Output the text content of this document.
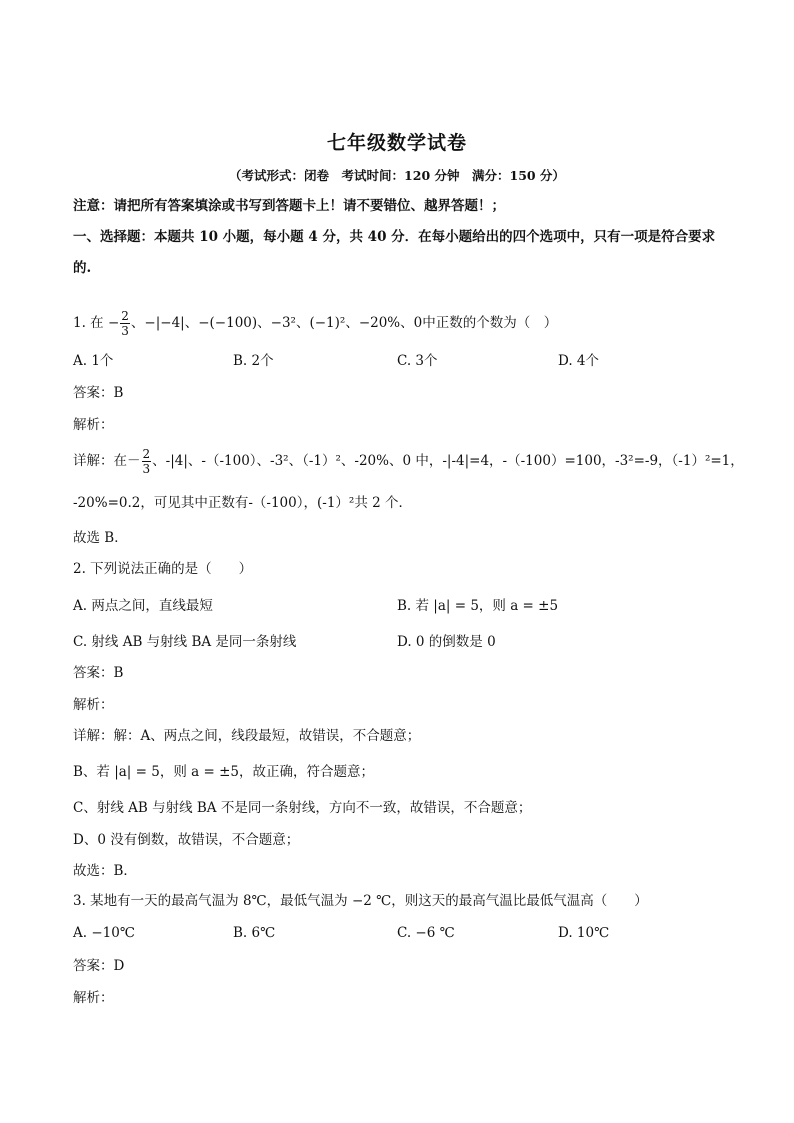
七年级数学试卷
（考试形式：闭卷　考试时间：120 分钟　满分：150 分）
注意：请把所有答案填涂或书写到答题卡上！请不要错位、越界答题！；
一、选择题：本题共 10 小题，每小题 4 分，共 40 分．在每小题给出的四个选项中，只有一项是符合要求
的.
1. 在 − $\frac{2}{3}$ 、−|−4|、−(−100)、−3²、(−1)²、−20%、0中正数的个数为（　）
A. 1个	B. 2个	C. 3个	D. 4个
答案：B
解析：
详解：在－ $\frac{2}{3}$ 、-|4|、-（-100）、-3²、（-1）²、-20%、0 中，-|-4|=4，-（-100）=100，-3²=-9，（-1）²=1，
-20%=0.2，可见其中正数有-（-100），(-1）²共 2 个．
故选 B．
2. 下列说法正确的是（　　）
A. 两点之间，直线最短	B. 若 |a| = 5，则 a = ±5
C. 射线 AB 与射线 BA 是同一条射线	D. 0 的倒数是 0
答案：B
解析：
详解：解：A、两点之间，线段最短，故错误，不合题意；
B、若 |a| = 5，则 a = ±5，故正确，符合题意；
C、射线 AB 与射线 BA 不是同一条射线，方向不一致，故错误，不合题意；
D、0 没有倒数，故错误，不合题意；
故选：B．
3. 某地有一天的最高气温为 8℃，最低气温为 −2 ℃，则这天的最高气温比最低气温高（　　）
A. −10℃	B. 6℃	C. −6 ℃	D. 10℃
答案：D
解析：
